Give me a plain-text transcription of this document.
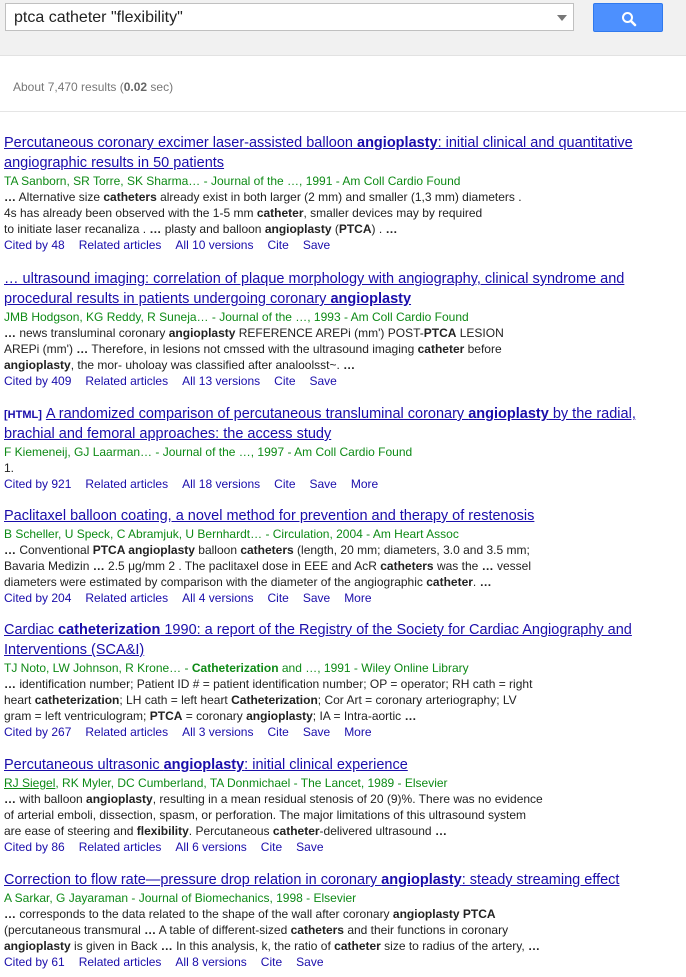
ptca catheter "flexibility"
About 7,470 results (0.02 sec)
Percutaneous coronary excimer laser-assisted balloon angioplasty: initial clinical and quantitative angiographic results in 50 patients
TA Sanborn, SR Torre, SK Sharma… - Journal of the …, 1991 - Am Coll Cardio Found
… Alternative size catheters already exist in both larger (2 mm) and smaller (1,3 mm) diameters .
4s has already been observed with the 1-5 mm catheter, smaller devices may by required
to initiate laser recanaliza . … plasty and balloon angioplasty (PTCA) . …
Cited by 48 Related articles All 10 versions Cite Save
… ultrasound imaging: correlation of plaque morphology with angiography, clinical syndrome and procedural results in patients undergoing coronary angioplasty
JMB Hodgson, KG Reddy, R Suneja… - Journal of the …, 1993 - Am Coll Cardio Found
… news transluminal coronary angioplasty REFERENCE AREPi (mm') POST-PTCA LESION
AREPi (mm') … Therefore, in lesions not cmssed with the ultrasound imaging catheter before
angioplasty, the mor- uholoay was classified after analoolsst~. …
Cited by 409 Related articles All 13 versions Cite Save
[HTML] A randomized comparison of percutaneous transluminal coronary angioplasty by the radial, brachial and femoral approaches: the access study
F Kiemeneij, GJ Laarman… - Journal of the …, 1997 - Am Coll Cardio Found
1.
Cited by 921 Related articles All 18 versions Cite Save More
Paclitaxel balloon coating, a novel method for prevention and therapy of restenosis
B Scheller, U Speck, C Abramjuk, U Bernhardt… - Circulation, 2004 - Am Heart Assoc
… Conventional PTCA angioplasty balloon catheters (length, 20 mm; diameters, 3.0 and 3.5 mm;
Bavaria Medizin … 2.5 μg/mm 2 . The paclitaxel dose in EEE and AcR catheters was the … vessel
diameters were estimated by comparison with the diameter of the angiographic catheter. …
Cited by 204 Related articles All 4 versions Cite Save More
Cardiac catheterization 1990: a report of the Registry of the Society for Cardiac Angiography and Interventions (SCA&I)
TJ Noto, LW Johnson, R Krone… - Catheterization and …, 1991 - Wiley Online Library
… identification number; Patient ID # = patient identification number; OP = operator; RH cath = right
heart catheterization; LH cath = left heart Catheterization; Cor Art = coronary arteriography; LV
gram = left ventriculogram; PTCA = coronary angioplasty; IA = Intra-aortic …
Cited by 267 Related articles All 3 versions Cite Save More
Percutaneous ultrasonic angioplasty: initial clinical experience
RJ Siegel, RK Myler, DC Cumberland, TA Donmichael - The Lancet, 1989 - Elsevier
… with balloon angioplasty, resulting in a mean residual stenosis of 20 (9)%. There was no evidence
of arterial emboli, dissection, spasm, or perforation. The major limitations of this ultrasound system
are ease of steering and flexibility. Percutaneous catheter-delivered ultrasound …
Cited by 86 Related articles All 6 versions Cite Save
Correction to flow rate—pressure drop relation in coronary angioplasty: steady streaming effect
A Sarkar, G Jayaraman - Journal of Biomechanics, 1998 - Elsevier
… corresponds to the data related to the shape of the wall after coronary angioplasty PTCA
(percutaneous transmural … A table of different-sized catheters and their functions in coronary
angioplasty is given in Back … In this analysis, k, the ratio of catheter size to radius of the artery, …
Cited by 61 Related articles All 8 versions Cite Save
